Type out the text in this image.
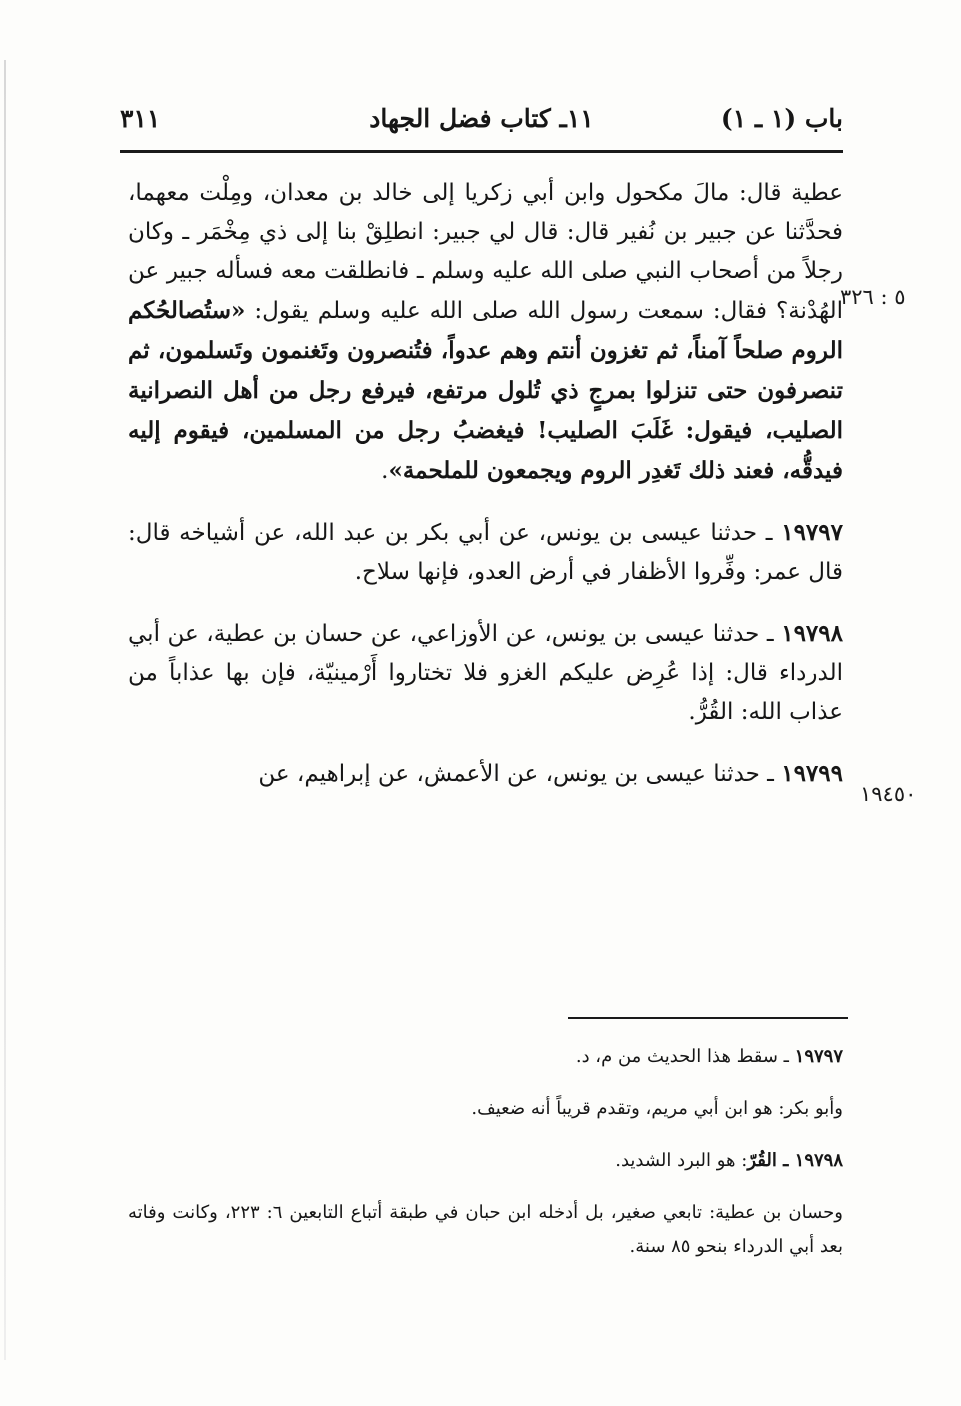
باب (١ ـ ١)
١١ـ كتاب فضل الجهاد
٣١١
٥ : ٣٢٦
١٩٤٥٠

عطية قال: مالَ مكحول وابن أبي زكريا إلى خالد بن معدان، ومِلْت معهما، فحدَّثنا عن جبير بن نُفير قال: قال لي جبير: انطلِقْ بنا إلى ذي مِخْمَر ـ وكان رجلاً من أصحاب النبي صلى الله عليه وسلم ـ فانطلقت معه فسأله جبير عن الهُدْنة؟ فقال: سمعت رسول الله صلى الله عليه وسلم يقول: «ستُصالحُكم الروم صلحاً آمناً، ثم تغزون أنتم وهم عدواً، فتُنصرون وتَغنمون وتَسلمون، ثم تنصرفون حتى تنزلوا بمرجٍ ذي تُلول مرتفع، فيرفع رجل من أهل النصرانية الصليب، فيقول: غَلَبَ الصليب! فيغضبُ رجل من المسلمين، فيقوم إليه فيدقُّه، فعند ذلك تَغدِر الروم ويجمعون للملحمة».

١٩٧٩٧ ـ حدثنا عيسى بن يونس، عن أبي بكر بن عبد الله، عن أشياخه قال: قال عمر: وفِّروا الأظفار في أرض العدو، فإنها سلاح.

١٩٧٩٨ ـ حدثنا عيسى بن يونس، عن الأوزاعي، عن حسان بن عطية، عن أبي الدرداء قال: إذا عُرِض عليكم الغزو فلا تختاروا أَرْمينيّة، فإن بها عذاباً من عذاب الله: القُرُّ.

١٩٧٩٩ ـ حدثنا عيسى بن يونس، عن الأعمش، عن إبراهيم، عن

١٩٧٩٧ ـ سقط هذا الحديث من م، د.

وأبو بكر: هو ابن أبي مريم، وتقدم قريباً أنه ضعيف.

١٩٧٩٨ ـ القُرّ: هو البرد الشديد.

وحسان بن عطية: تابعي صغير، بل أدخله ابن حبان في طبقة أتباع التابعين ٦: ٢٢٣، وكانت وفاته بعد أبي الدرداء بنحو ٨٥ سنة.
